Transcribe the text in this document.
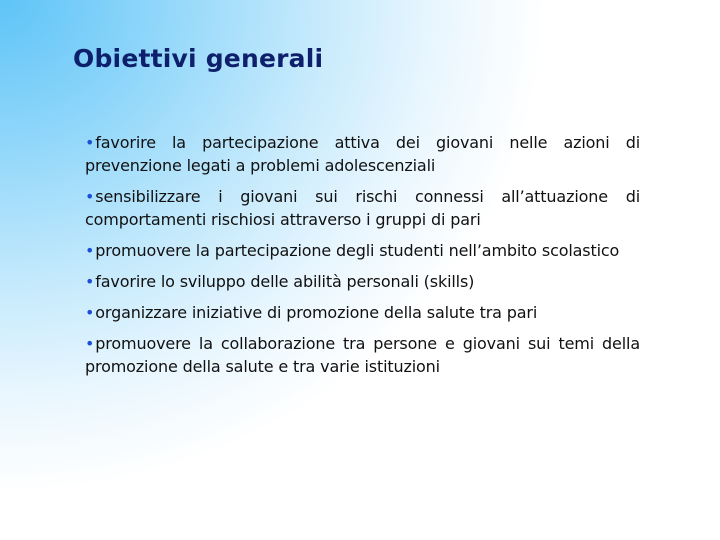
Obiettivi generali
•favorire la partecipazione attiva dei giovani nelle azioni di prevenzione legati a problemi adolescenziali
•sensibilizzare i giovani sui rischi connessi all’attuazione di comportamenti rischiosi attraverso i gruppi di pari
•promuovere la partecipazione degli studenti nell’ambito scolastico
•favorire lo sviluppo delle abilità personali (skills)
•organizzare iniziative di promozione della salute tra pari
•promuovere la collaborazione tra persone e giovani sui temi della promozione della salute e tra varie istituzioni
